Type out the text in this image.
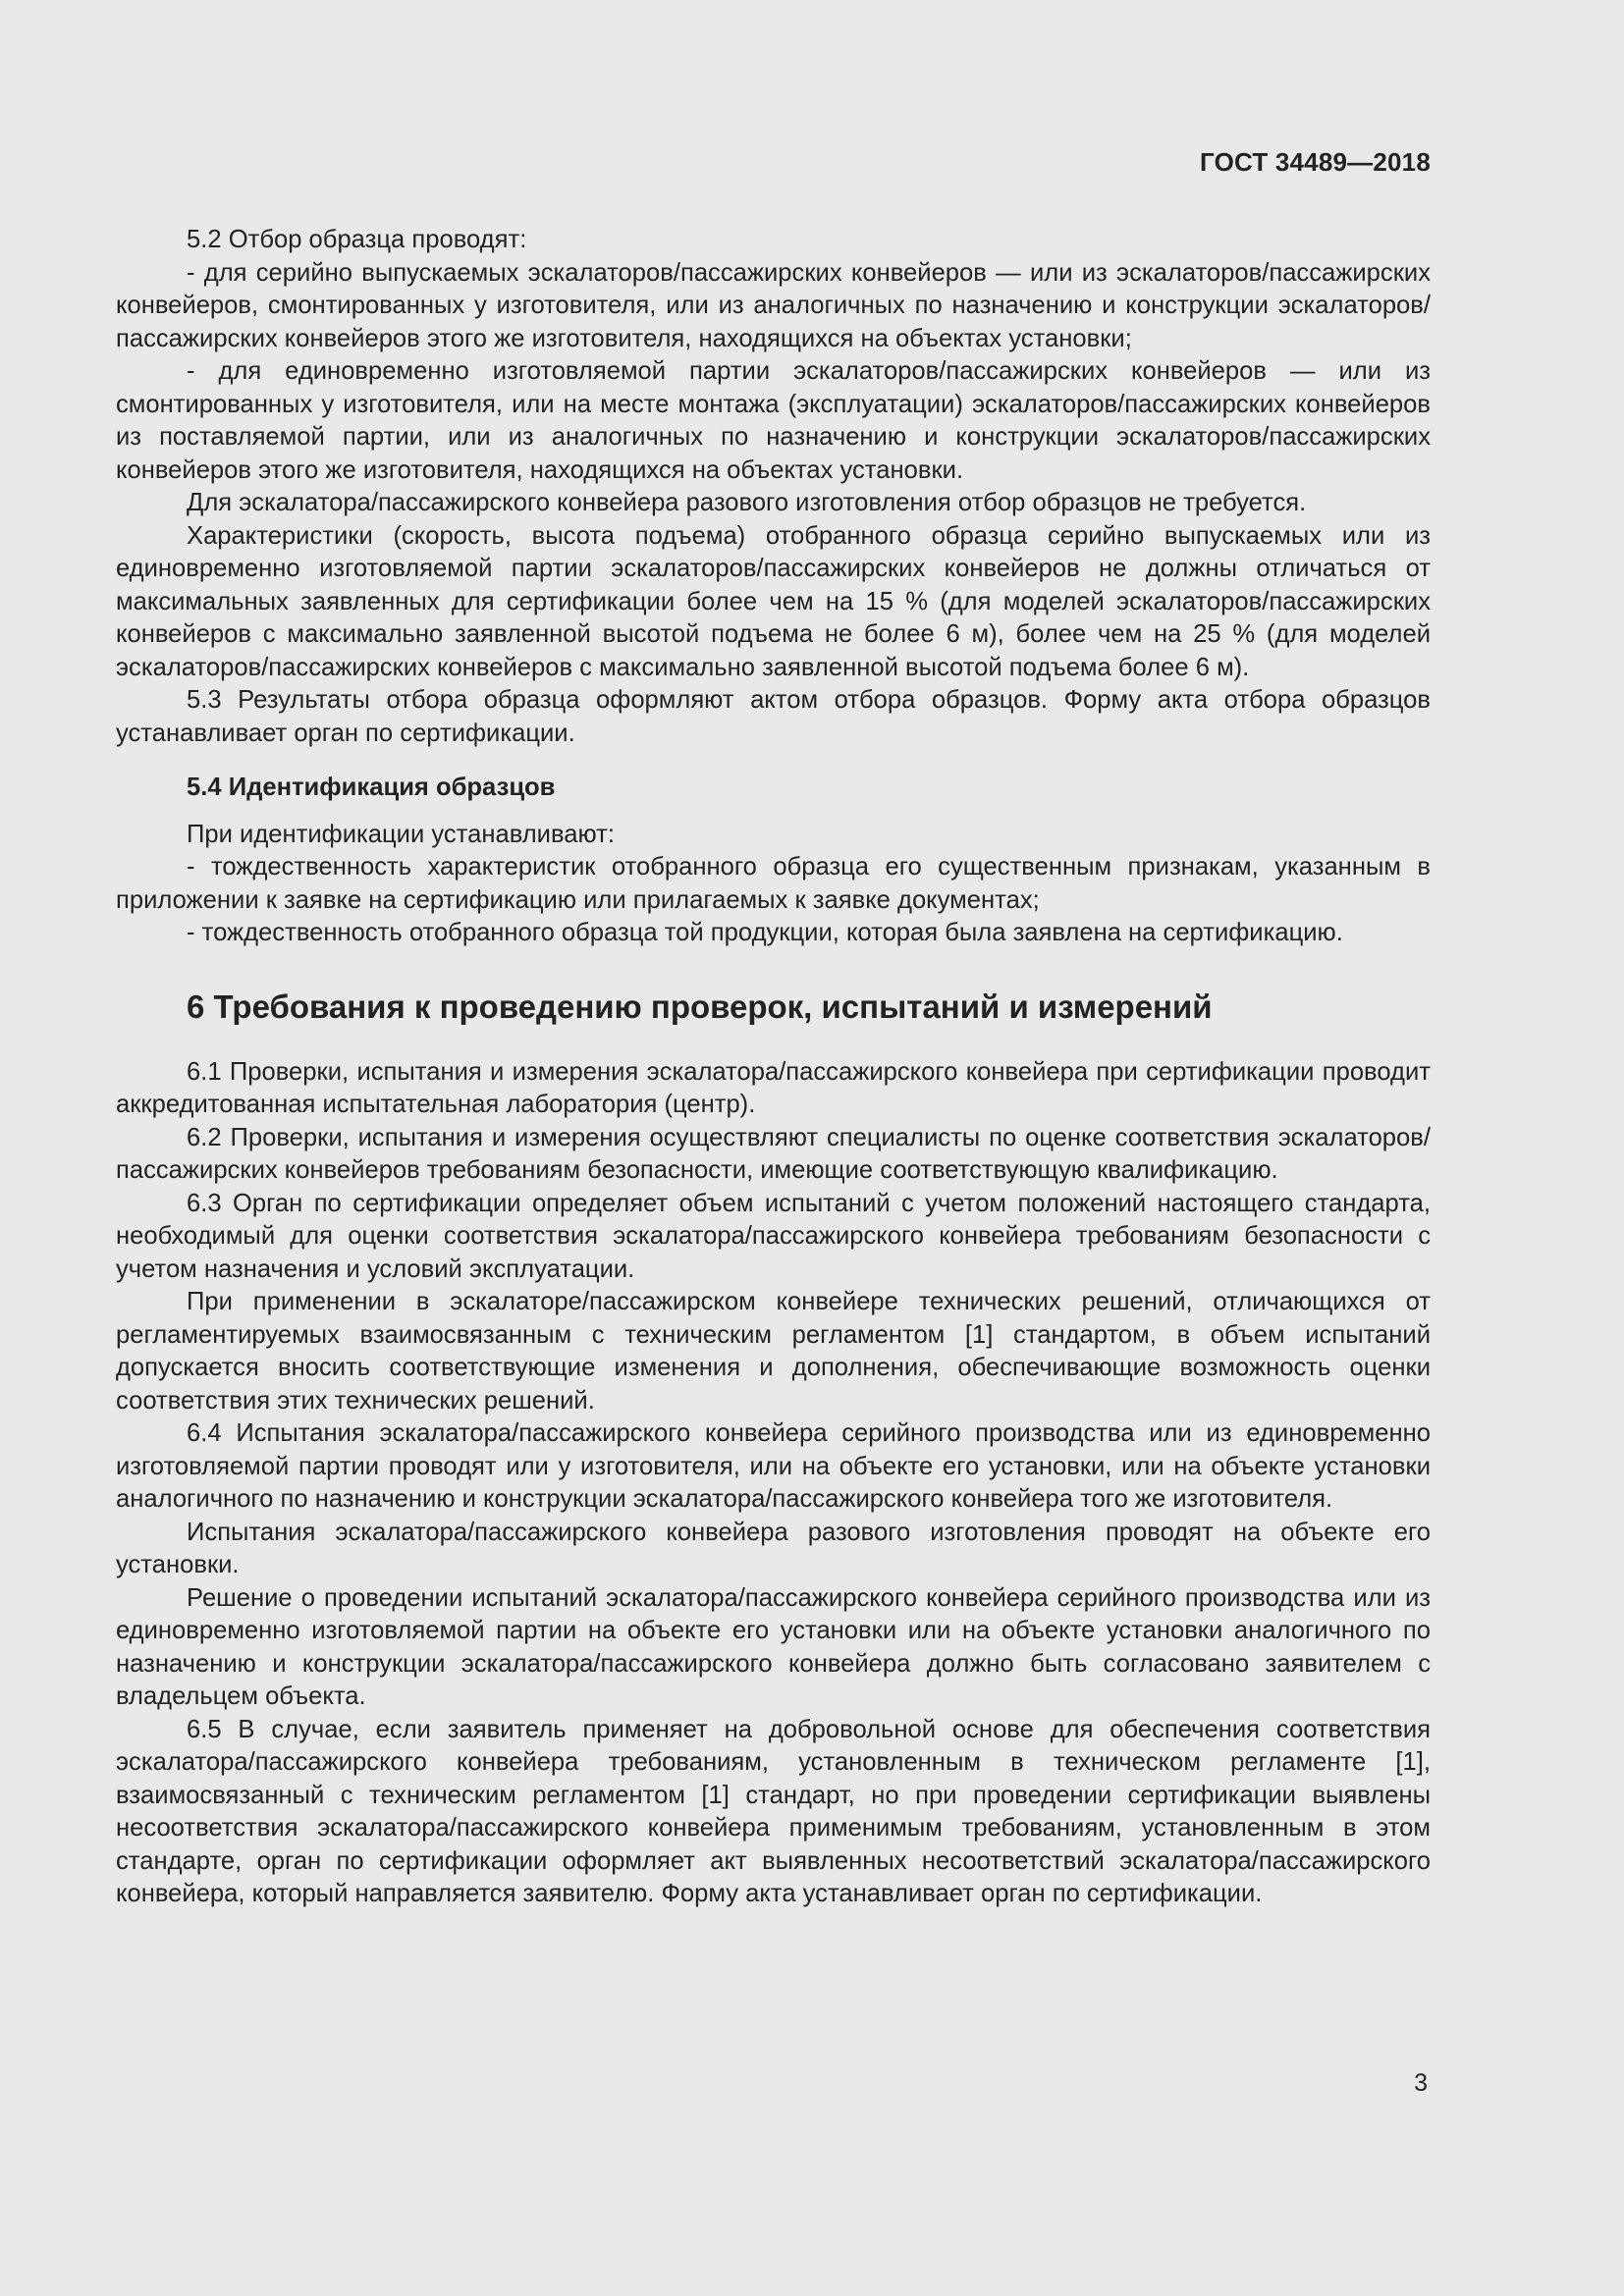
ГОСТ 34489—2018

5.2 Отбор образца проводят:

- для серийно выпускаемых эскалаторов/пассажирских конвейеров — или из эскалаторов/пассажирских конвейеров, смонтированных у изготовителя, или из аналогичных по назначению и конструкции эскалаторов/пассажирских конвейеров этого же изготовителя, находящихся на объектах установки;

- для единовременно изготовляемой партии эскалаторов/пассажирских конвейеров — или из смонтированных у изготовителя, или на месте монтажа (эксплуатации) эскалаторов/пассажирских конвейеров из поставляемой партии, или из аналогичных по назначению и конструкции эскалаторов/пассажирских конвейеров этого же изготовителя, находящихся на объектах установки.

Для эскалатора/пассажирского конвейера разового изготовления отбор образцов не требуется.

Характеристики (скорость, высота подъема) отобранного образца серийно выпускаемых или из единовременно изготовляемой партии эскалаторов/пассажирских конвейеров не должны отличаться от максимальных заявленных для сертификации более чем на 15 % (для моделей эскалаторов/пассажирских конвейеров с максимально заявленной высотой подъема не более 6 м), более чем на 25 % (для моделей эскалаторов/пассажирских конвейеров с максимально заявленной высотой подъема более 6 м).

5.3 Результаты отбора образца оформляют актом отбора образцов. Форму акта отбора образцов устанавливает орган по сертификации.

5.4 Идентификация образцов

При идентификации устанавливают:

- тождественность характеристик отобранного образца его существенным признакам, указанным в приложении к заявке на сертификацию или прилагаемых к заявке документах;

- тождественность отобранного образца той продукции, которая была заявлена на сертификацию.

6 Требования к проведению проверок, испытаний и измерений

6.1 Проверки, испытания и измерения эскалатора/пассажирского конвейера при сертификации проводит аккредитованная испытательная лаборатория (центр).

6.2 Проверки, испытания и измерения осуществляют специалисты по оценке соответствия эскалаторов/пассажирских конвейеров требованиям безопасности, имеющие соответствующую квалификацию.

6.3 Орган по сертификации определяет объем испытаний с учетом положений настоящего стандарта, необходимый для оценки соответствия эскалатора/пассажирского конвейера требованиям безопасности с учетом назначения и условий эксплуатации.

При применении в эскалаторе/пассажирском конвейере технических решений, отличающихся от регламентируемых взаимосвязанным с техническим регламентом [1] стандартом, в объем испытаний допускается вносить соответствующие изменения и дополнения, обеспечивающие возможность оценки соответствия этих технических решений.

6.4 Испытания эскалатора/пассажирского конвейера серийного производства или из единовременно изготовляемой партии проводят или у изготовителя, или на объекте его установки, или на объекте установки аналогичного по назначению и конструкции эскалатора/пассажирского конвейера того же изготовителя.

Испытания эскалатора/пассажирского конвейера разового изготовления проводят на объекте его установки.

Решение о проведении испытаний эскалатора/пассажирского конвейера серийного производства или из единовременно изготовляемой партии на объекте его установки или на объекте установки аналогичного по назначению и конструкции эскалатора/пассажирского конвейера должно быть согласовано заявителем с владельцем объекта.

6.5 В случае, если заявитель применяет на добровольной основе для обеспечения соответствия эскалатора/пассажирского конвейера требованиям, установленным в техническом регламенте [1], взаимосвязанный с техническим регламентом [1] стандарт, но при проведении сертификации выявлены несоответствия эскалатора/пассажирского конвейера применимым требованиям, установленным в этом стандарте, орган по сертификации оформляет акт выявленных несоответствий эскалатора/пассажирского конвейера, который направляется заявителю. Форму акта устанавливает орган по сертификации.

3
